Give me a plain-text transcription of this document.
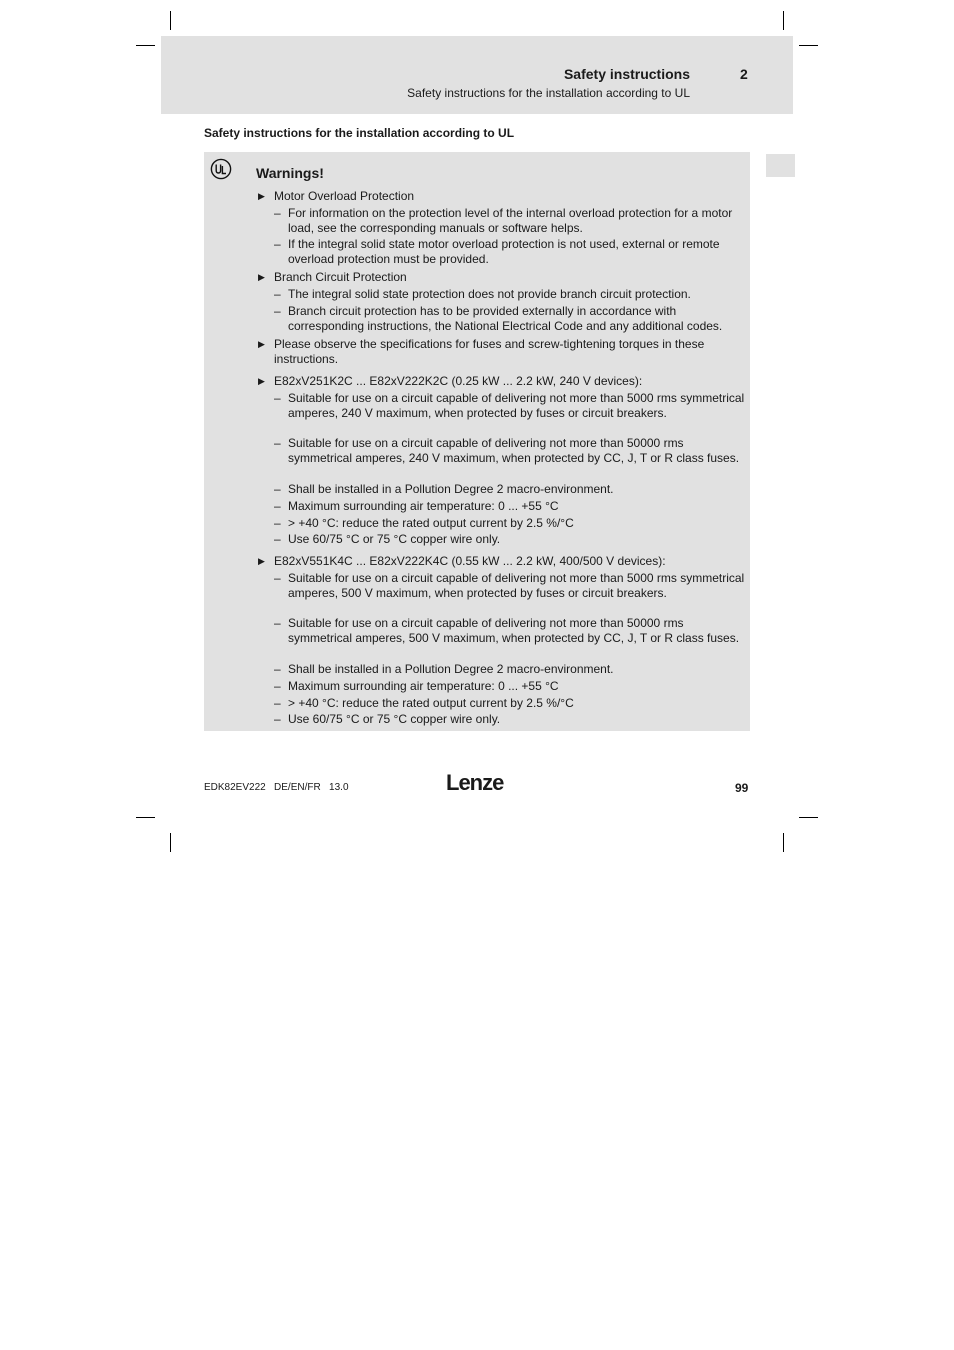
Safety instructions	2
Safety instructions for the installation according to UL
Safety instructions for the installation according to UL
Warnings!
▶ Motor Overload Protection
– For information on the protection level of the internal overload protection for a motor load, see the corresponding manuals or software helps.
– If the integral solid state motor overload protection is not used, external or remote overload protection must be provided.
▶ Branch Circuit Protection
– The integral solid state protection does not provide branch circuit protection.
– Branch circuit protection has to be provided externally in accordance with corresponding instructions, the National Electrical Code and any additional codes.
▶ Please observe the specifications for fuses and screw-tightening torques in these instructions.
▶ E82xV251K2C ... E82xV222K2C (0.25 kW ... 2.2 kW, 240 V devices):
– Suitable for use on a circuit capable of delivering not more than 5000 rms symmetrical amperes, 240 V maximum, when protected by fuses or circuit breakers.
– Suitable for use on a circuit capable of delivering not more than 50000 rms symmetrical amperes, 240 V maximum, when protected by CC, J, T or R class fuses.
– Shall be installed in a Pollution Degree 2 macro-environment.
– Maximum surrounding air temperature: 0 ... +55 °C
– > +40 °C: reduce the rated output current by 2.5 %/°C
– Use 60/75 °C or 75 °C copper wire only.
▶ E82xV551K4C ... E82xV222K4C (0.55 kW ... 2.2 kW, 400/500 V devices):
– Suitable for use on a circuit capable of delivering not more than 5000 rms symmetrical amperes, 500 V maximum, when protected by fuses or circuit breakers.
– Suitable for use on a circuit capable of delivering not more than 50000 rms symmetrical amperes, 500 V maximum, when protected by CC, J, T or R class fuses.
– Shall be installed in a Pollution Degree 2 macro-environment.
– Maximum surrounding air temperature: 0 ... +55 °C
– > +40 °C: reduce the rated output current by 2.5 %/°C
– Use 60/75 °C or 75 °C copper wire only.
EDK82EV222   DE/EN/FR   13.0	Lenze	99
